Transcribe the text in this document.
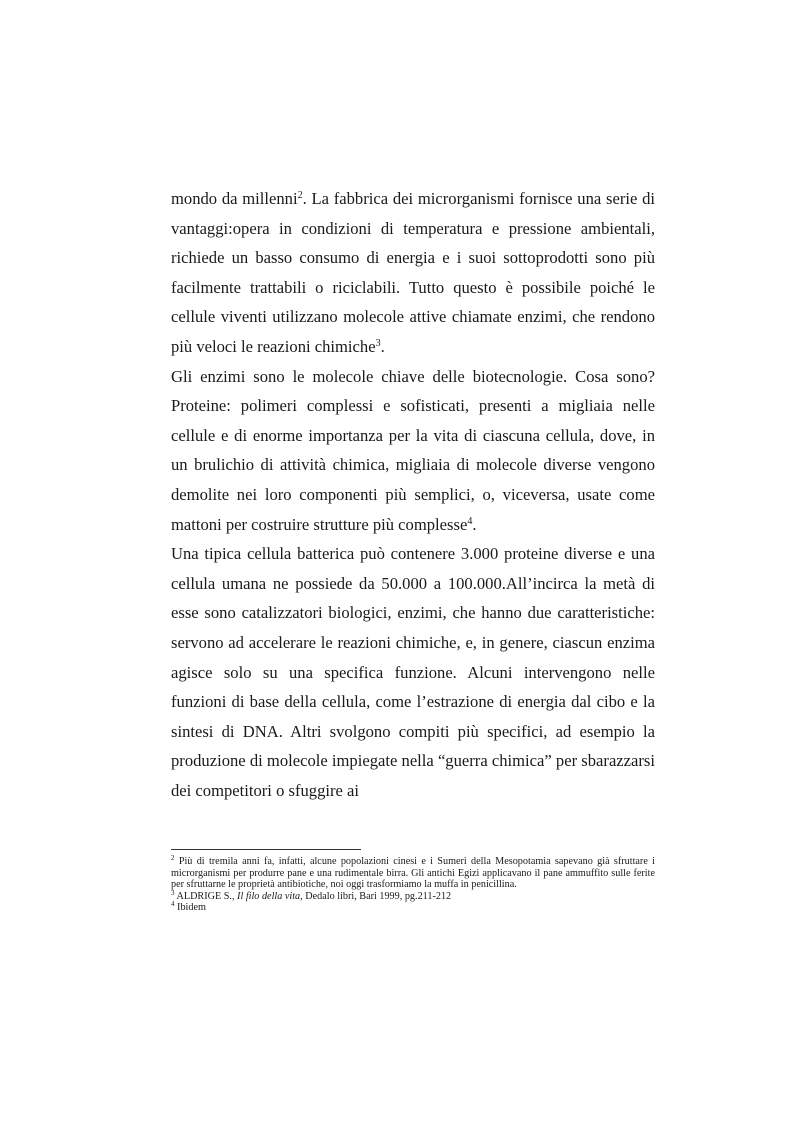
mondo da millenni$^2$. La fabbrica dei microrganismi fornisce una serie di vantaggi:opera in condizioni di temperatura e pressione ambientali, richiede un basso consumo di energia e i suoi sottoprodotti sono più facilmente trattabili o riciclabili. Tutto questo è possibile poiché le cellule viventi utilizzano molecole attive chiamate enzimi, che rendono più veloci le reazioni chimiche$^3$.

Gli enzimi sono le molecole chiave delle biotecnologie. Cosa sono? Proteine: polimeri complessi e sofisticati, presenti a migliaia nelle cellule e di enorme importanza per la vita di ciascuna cellula, dove, in un brulichio di attività chimica, migliaia di molecole diverse vengono demolite nei loro componenti più semplici, o, viceversa, usate come mattoni per costruire strutture più complesse$^4$.

Una tipica cellula batterica può contenere 3.000 proteine diverse e una cellula umana ne possiede da 50.000 a 100.000.All’incirca la metà di esse sono catalizzatori biologici, enzimi, che hanno due caratteristiche: servono ad accelerare le reazioni chimiche, e, in genere, ciascun enzima agisce solo su una specifica funzione. Alcuni intervengono nelle funzioni di base della cellula, come l’estrazione di energia dal cibo e la sintesi di DNA. Altri svolgono compiti più specifici, ad esempio la produzione di molecole impiegate nella “guerra chimica” per sbarazzarsi dei competitori o sfuggire ai

$^2$ Più di tremila anni fa, infatti, alcune popolazioni cinesi e i Sumeri della Mesopotamia sapevano già sfruttare i microrganismi per produrre pane e una rudimentale birra. Gli antichi Egizi applicavano il pane ammuffito sulle ferite per sfruttarne le proprietà antibiotiche, noi oggi trasformiamo la muffa in penicillina.

$^3$ ALDRIGE S., Il filo della vita, Dedalo libri, Bari 1999, pg.211-212

$^4$ Ibidem
